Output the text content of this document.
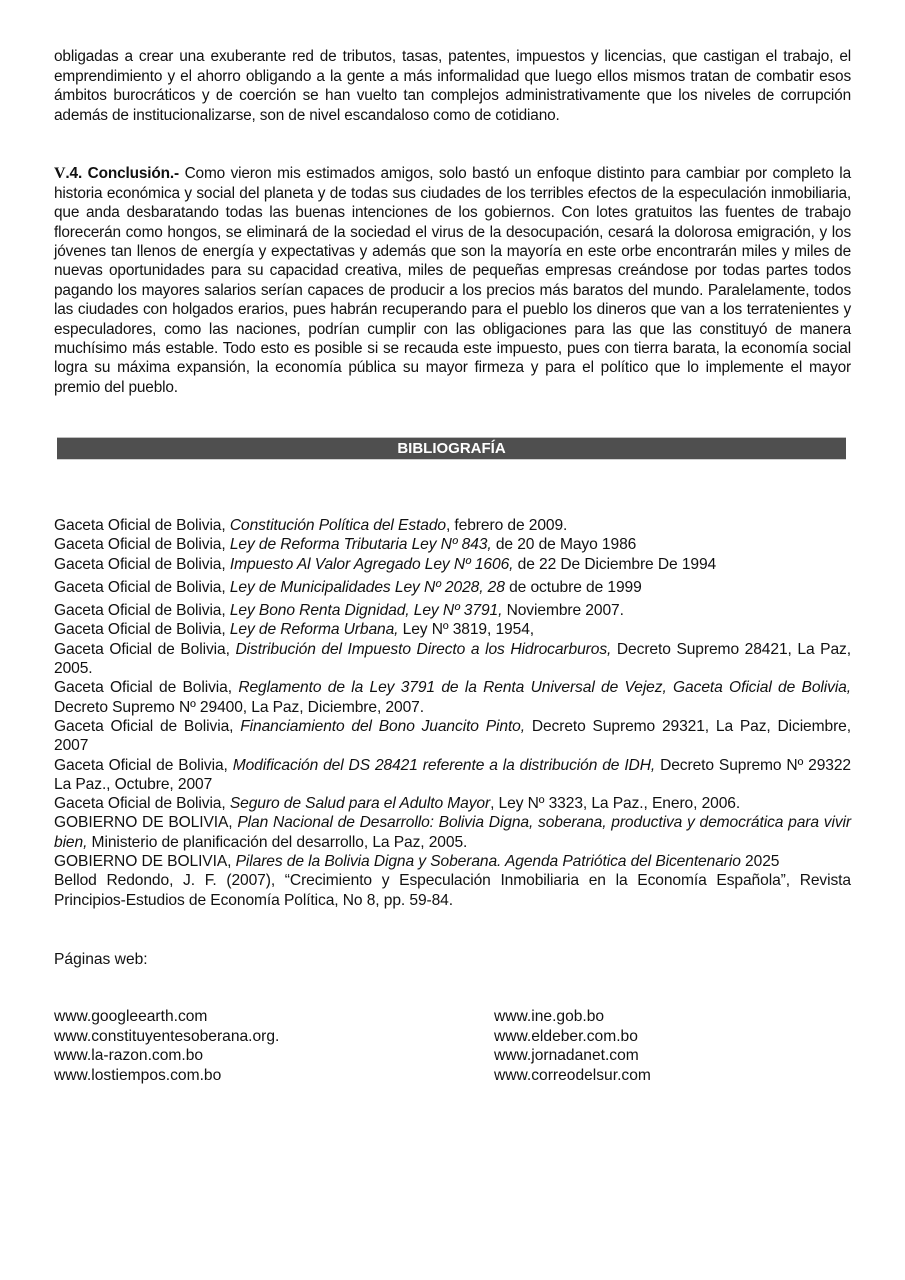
obligadas a crear una exuberante red de tributos, tasas, patentes, impuestos y licencias, que castigan el trabajo, el emprendimiento y el ahorro obligando a la gente a más informalidad que luego ellos mismos tratan de combatir esos ámbitos burocráticos y de coerción se han vuelto tan complejos administrativamente que los niveles de corrupción además de institucionalizarse, son de nivel escandaloso como de cotidiano.

V.4. Conclusión.- Como vieron mis estimados amigos, solo bastó un enfoque distinto para cambiar por completo la historia económica y social del planeta y de todas sus ciudades de los terribles efectos de la especulación inmobiliaria, que anda desbaratando todas las buenas intenciones de los gobiernos. Con lotes gratuitos las fuentes de trabajo florecerán como hongos, se eliminará de la sociedad el virus de la desocupación, cesará la dolorosa emigración, y los jóvenes tan llenos de energía y expectativas y además que son la mayoría en este orbe encontrarán miles y miles de nuevas oportunidades para su capacidad creativa, miles de pequeñas empresas creándose por todas partes todos pagando los mayores salarios serían capaces de producir a los precios más baratos del mundo. Paralelamente, todos las ciudades con holgados erarios, pues habrán recuperando para el pueblo los dineros que van a los terratenientes y especuladores, como las naciones, podrían cumplir con las obligaciones para las que las constituyó de manera muchísimo más estable. Todo esto es posible si se recauda este impuesto, pues con tierra barata, la economía social logra su máxima expansión, la economía pública su mayor firmeza y para el político que lo implemente el mayor premio del pueblo.

BIBLIOGRAFÍA

Gaceta Oficial de Bolivia, Constitución Política del Estado, febrero de 2009.

Gaceta Oficial de Bolivia, Ley de Reforma Tributaria Ley Nº 843, de 20 de Mayo 1986

Gaceta Oficial de Bolivia, Impuesto Al Valor Agregado Ley Nº 1606, de 22 De Diciembre De 1994

Gaceta Oficial de Bolivia, Ley de Municipalidades Ley Nº 2028, 28 de octubre de 1999

Gaceta Oficial de Bolivia, Ley Bono Renta Dignidad, Ley Nº 3791, Noviembre 2007.

Gaceta Oficial de Bolivia, Ley de Reforma Urbana, Ley Nº 3819, 1954,

Gaceta Oficial de Bolivia, Distribución del Impuesto Directo a los Hidrocarburos, Decreto Supremo 28421, La Paz, 2005.

Gaceta Oficial de Bolivia, Reglamento de la Ley 3791 de la Renta Universal de Vejez, Gaceta Oficial de Bolivia, Decreto Supremo Nº 29400, La Paz, Diciembre, 2007.

Gaceta Oficial de Bolivia, Financiamiento del Bono Juancito Pinto, Decreto Supremo 29321, La Paz, Diciembre, 2007

Gaceta Oficial de Bolivia, Modificación del DS 28421 referente a la distribución de IDH, Decreto Supremo Nº 29322 La Paz., Octubre, 2007

Gaceta Oficial de Bolivia, Seguro de Salud para el Adulto Mayor, Ley Nº 3323, La Paz., Enero, 2006.

GOBIERNO DE BOLIVIA, Plan Nacional de Desarrollo: Bolivia Digna, soberana, productiva y democrática para vivir bien, Ministerio de planificación del desarrollo, La Paz, 2005.

GOBIERNO DE BOLIVIA, Pilares de la Bolivia Digna y Soberana. Agenda Patriótica del Bicentenario 2025

Bellod Redondo, J. F. (2007), “Crecimiento y Especulación Inmobiliaria en la Economía Española”, Revista Principios-Estudios de Economía Política, No 8, pp. 59-84.

Páginas web:
www.googleearth.com
www.constituyentesoberana.org.
www.la-razon.com.bo
www.lostiempos.com.bo
www.ine.gob.bo
www.eldeber.com.bo
www.jornadanet.com
www.correodelsur.com
